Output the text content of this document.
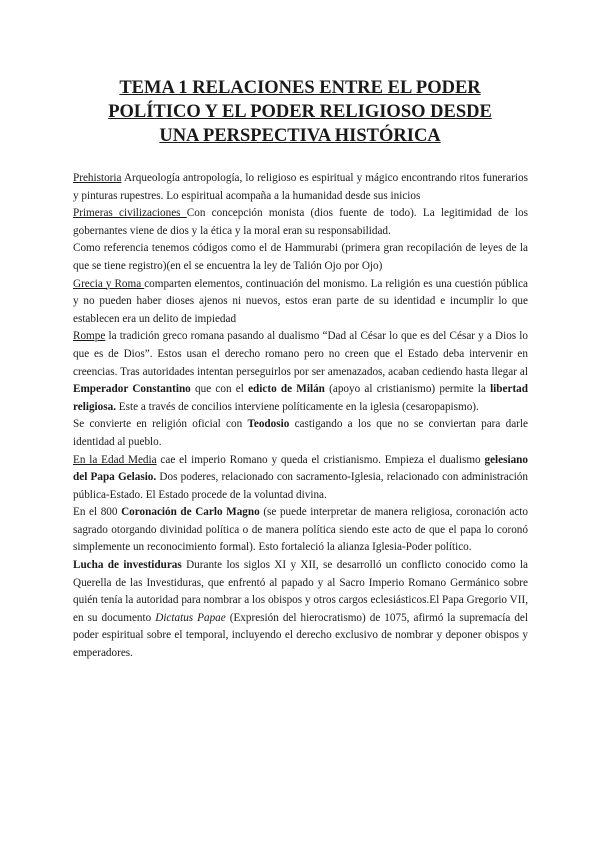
TEMA 1 RELACIONES ENTRE EL PODER
POLÍTICO Y EL PODER RELIGIOSO DESDE
UNA PERSPECTIVA HISTÓRICA

Prehistoria Arqueología antropología, lo religioso es espiritual y mágico encontrando ritos funerarios y pinturas rupestres. Lo espiritual acompaña a la humanidad desde sus inicios

Primeras civilizaciones Con concepción monista (dios fuente de todo). La legitimidad de los gobernantes viene de dios y la ética y la moral eran su responsabilidad.

Como referencia tenemos códigos como el de Hammurabi (primera gran recopilación de leyes de la que se tiene registro)(en el se encuentra la ley de Talión Ojo por Ojo)

Grecia y Roma comparten elementos, continuación del monismo. La religión es una cuestión pública y no pueden haber dioses ajenos ni nuevos, estos eran parte de su identidad e incumplir lo que establecen era un delito de impiedad

Rompe la tradición greco romana pasando al dualismo “Dad al César lo que es del César y a Dios lo que es de Dios”. Estos usan el derecho romano pero no creen que el Estado deba intervenir en creencias. Tras autoridades intentan perseguirlos por ser amenazados, acaban cediendo hasta llegar al Emperador Constantino que con el edicto de Milán (apoyo al cristianismo) permite la libertad religiosa. Este a través de concilios interviene políticamente en la iglesia (cesaropapismo).

Se convierte en religión oficial con Teodosio castigando a los que no se conviertan para darle identidad al pueblo.

En la Edad Media cae el imperio Romano y queda el cristianismo. Empieza el dualismo gelesiano del Papa Gelasio. Dos poderes, relacionado con sacramento-Iglesia, relacionado con administración pública-Estado. El Estado procede de la voluntad divina.

En el 800 Coronación de Carlo Magno (se puede interpretar de manera religiosa, coronación acto sagrado otorgando divinidad política o de manera política siendo este acto de que el papa lo coronó simplemente un reconocimiento formal). Esto fortaleció la alianza Iglesia-Poder político.

Lucha de investiduras Durante los siglos XI y XII, se desarrolló un conflicto conocido como la Querella de las Investiduras, que enfrentó al papado y al Sacro Imperio Romano Germánico sobre quién tenía la autoridad para nombrar a los obispos y otros cargos eclesiásticos.El Papa Gregorio VII, en su documento Dictatus Papae (Expresión del hierocratismo) de 1075, afirmó la supremacía del poder espiritual sobre el temporal, incluyendo el derecho exclusivo de nombrar y deponer obispos y emperadores.
